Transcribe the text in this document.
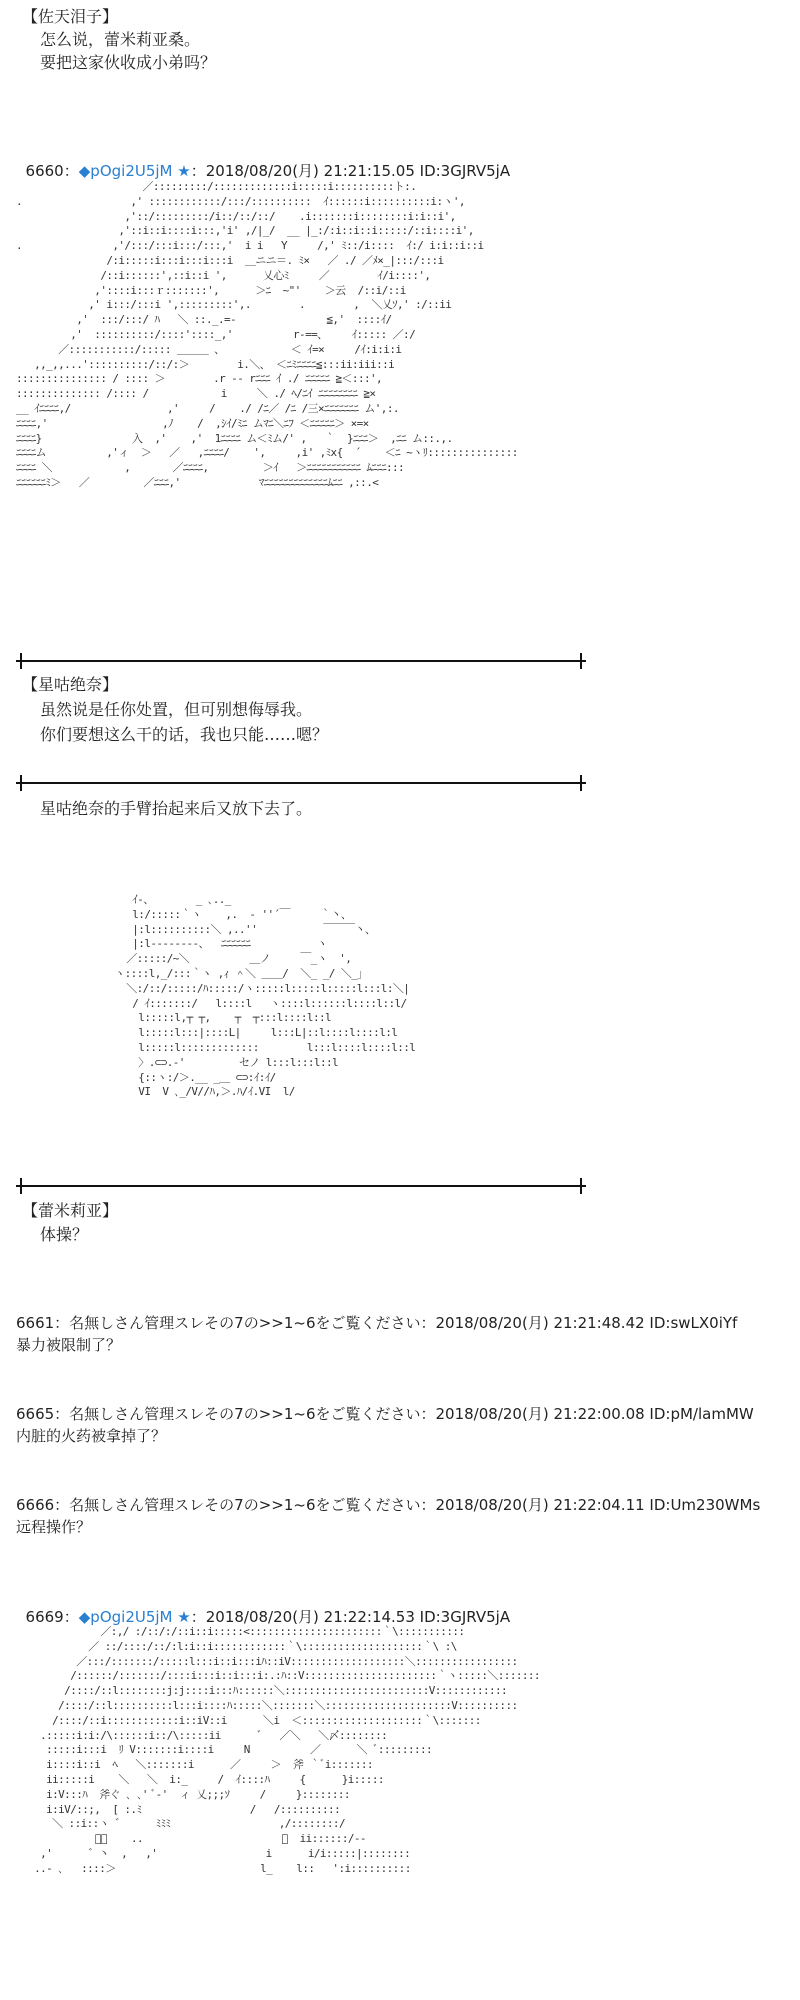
【佐天泪子】
怎么说，蕾米莉亚桑。
要把这家伙收成小弟吗？

6660：◆pOgi2U5jM ★：2018/08/20(月) 21:21:15.05 ID:3GJRV5jA

／:::::::::/:::::::::::::i:::::i::::::::::ト:.
.                  ,' ::::::::::::/:::/::::::::::  ｲ::::::i::::::::::i:ヽ',
,'::/:::::::::/i::/::/::/    .i:::::::i::::::::i:i::i',
,'::i::i::::i:::,'i' ,/|_/  __ |_:/:i::i::i:::::/::i::::i',
.               ,'/:::/:::i:::/:::,'  i i   Y     /,' ﾐ::/i::::  ｲ:/ i:i::i::i
/:i:::::i:::i:::i:::i  ＿ニニ＝. ﾐ×   ／ ./ ／ﾒ×_|:::/:::i
/::i::::::',::i::i ',      乂心ﾐ     ／        ｲ/i::::',
,'::::i:::ｒ:::::::',      ＞ﾆ  ~"'    ＞云  /::i/::i
,' i:::/:::i ',:::::::::',.        .        ,  ＼乂ｿ,' :/::ii
,'  :::/:::/ ﾊ   ＼ ::._.=-               ≦,'  ::::ｲ/
,'  ::::::::::/::::'::::_,'          r‐==、    ｲ::::: ／:/
／:::::::::::/::::: ＿＿＿ 、           ＜ ｲ=×     /ｲ:i:i:i
,,_,,...'::::::::::/::/:＞        i.＼、 ＜ﾆﾐﾆﾆﾆﾆ≦:::ii:iii::i
::::::::::::::: / :::: ＞        .r ‐‐ rﾆﾆﾆ ｲ ./ ﾆﾆﾆﾆﾆ ≧＜:::',
:::::::::::::: /:::: /            i     ＼ ./ ﾍ/ﾆｲ ﾆﾆﾆﾆﾆﾆﾆﾆ ≧×
__ ｲﾆﾆﾆﾆ,/                ,'     /    ./ /ﾆ／ /ﾆ /三×ﾆﾆﾆﾆﾆﾆﾆ ム',:.
ﾆﾆﾆﾆ,'                   ,ﾉ    /  ,ｼｲ/ﾐﾆ ムﾏﾆ＼ﾆﾌ ＜ﾆﾆﾆﾆﾆ＞ ×=×
ﾆﾆﾆﾆ}               入  ,'    ,'  1ﾆﾆﾆﾆ ム＜ﾐム/' ,   ｀  }ﾆﾆﾆ＞  ,ﾆﾆ ム::.,.
ﾆﾆﾆﾆム          ,'ィ  ＞   ／   ,ﾆﾆﾆﾆ/    ',     ,i' ,ﾐx{  ´    ＜ﾆ ~ヽﾘ:::::::::::::::
ﾆﾆﾆﾆ ＼            ,       ／ﾆﾆﾆﾆ,         ＞ｲ   ＞ﾆﾆﾆﾆﾆﾆﾆﾆﾆﾆﾆ ﾑﾆﾆﾆ:::
ﾆﾆﾆﾆﾆﾆﾐ＞   ／         ／ﾆﾆﾆ,'             ﾏﾆﾆﾆﾆﾆﾆﾆﾆﾆﾆﾆﾆﾆﾑﾆﾆ ,::.<
【星咕绝奈】
虽然说是任你处置，但可别想侮辱我。
你们要想这么干的话，我也只能……嗯？
星咕绝奈的手臂抬起来后又放下去了。
ｲ‐、       _ ､.._
l:/:::::｀ヽ    ,.  ‐ ''´￣     ｀丶、
|:l::::::::::＼ ,..''           ￣￣￣丶、
|:l‐‐‐‐‐‐‐-、  ﾆﾆﾆﾆﾆﾆ           ヽ
／:::::/~＼          ＿ノ     ￣_ヽ  ',
ヽ::::l,_/:::｀ヽ ,ｨ ＾＼ ＿＿/  ＼_ _/ ＼_｣
＼:/::/:::::/ﾊ:::::/ヽ:::::l:::::l:::::l:::l:＼|
/ ｲ:::::::/   l::::l   ヽ::::l::::::l::::l::l/
l:::::l,┬ ┬,    ┬  ┬:::l::::l::l
l:::::l:::|::::L|     l:::L|::l::::l::::l:l
l:::::l:::::::::::::        l:::l::::l::::l::l
〉.⊂⊃.-'         セノ l:::l:::l::l
{::ヽ:/＞.__ _＿ ⊂⊃:ｲ:ｲ/
VI  V ､_/V//ﾊ,＞.ﾊ/ｲ.VI  l/
【蕾米莉亚】
体操？
6661：名無しさん管理スレその7の>>1~6をご覧ください：2018/08/20(月) 21:21:48.42 ID:swLX0iYf
暴力被限制了？
6665：名無しさん管理スレその7の>>1~6をご覧ください：2018/08/20(月) 21:22:00.08 ID:pM/lamMW
内脏的火药被拿掉了？
6666：名無しさん管理スレその7の>>1~6をご覧ください：2018/08/20(月) 21:22:04.11 ID:Um230WMs
远程操作？

6669：◆pOgi2U5jM ★：2018/08/20(月) 21:22:14.53 ID:3GJRV5jA

／:,/ :/::/:/::i::i:::::<::::::::::::::::::::::｀\:::::::::::
／ ::/::::/::/:l:i::i::::::::::::｀\::::::::::::::::::::｀\ :\
／:::/:::::::/:::::l:::i::i:::iﾊ::iV:::::::::::::::::::＼:::::::::::::::::
/::::::/:::::::/::::i:::i::i:::i:.:ﾊ::V::::::::::::::::::::::｀ヽ:::::＼:::::::
/::::/::l::::::::j:j::::i:::ﾊ::::::＼::::::::::::::::::::::::V::::::::::::
/::::/::l::::::::::l:::i::::ﾊ:::::＼:::::::＼:::::::::::::::::::::V::::::::::
/::::/::i::::::::::::i::iV::i      ＼i  ＜::::::::::::::::::::｀\:::::::
.:::::i:i:/\::::::i::/\:::::ii      ゛  ／＼   ＼〆::::::::
:::::i:::i  ﾘ V:::::::i::::i     N          ／      ＼ ﾞ:::::::::
i::::i::i  ﾍ   ＼:::::::i      ／     ＞  斧 ｀ﾞi:::::::
ii:::::i    ＼   ＼  i:_     /  ｲ::::ﾊ     {      }i:::::
i:V:::ﾊ  斧ぐ ､ ､' ﾞ‐'  ィ 乂;;;ｿ     /     }::::::::
i:iV/::;,  [ :.ﾐ                  /   /::::::::::
＼ ::i::ヽ ゛     ﾐﾐﾐ                  ,/::::::::/
ﾞ、    ..                       ／  ii::::::/‐‐
,'      ゛丶  ,   ,'                  i      i/i:::::|::::::::
..‐ ､   ::::＞                        l_    l::   ':i::::::::::
